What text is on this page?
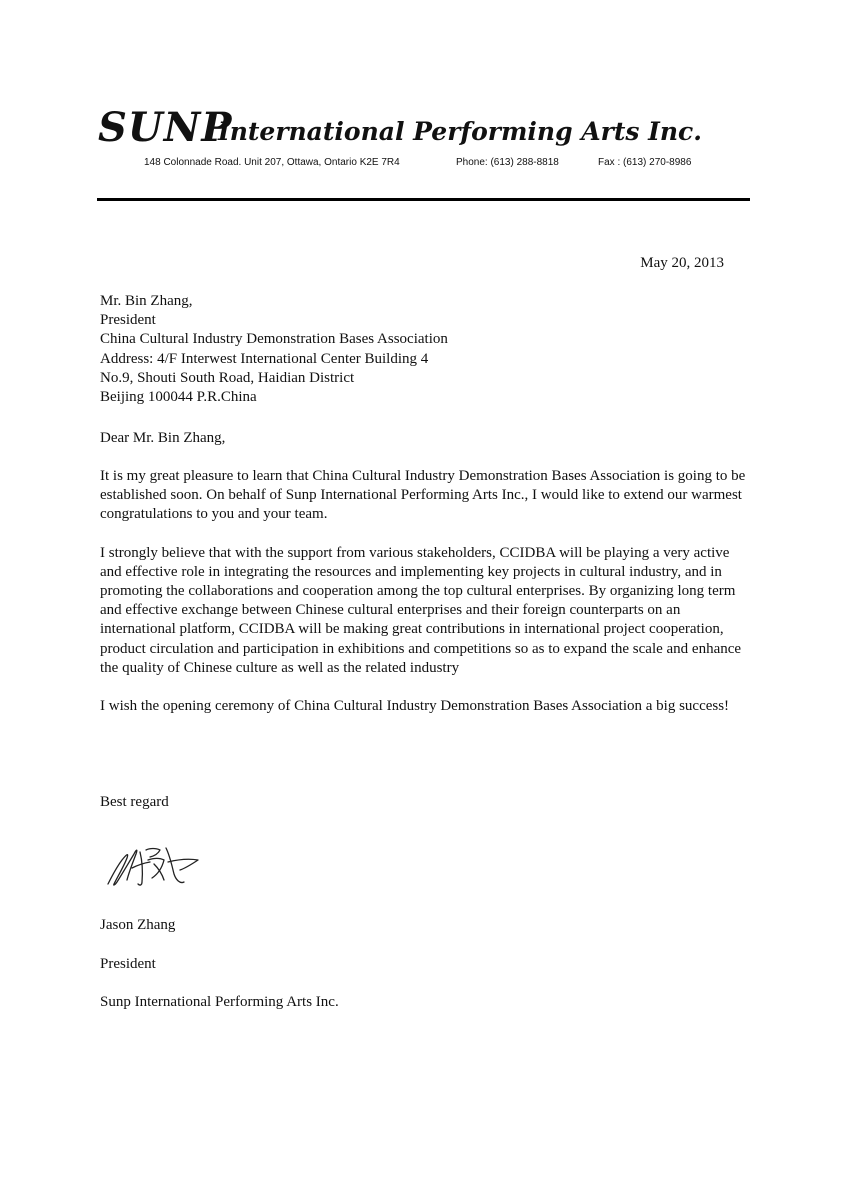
SUNP
International Performing Arts Inc.
148 Colonnade Road. Unit 207, Ottawa, Ontario K2E 7R4	Phone: (613) 288-8818	Fax : (613) 270-8986
May 20, 2013
Mr. Bin Zhang,
President
China Cultural Industry Demonstration Bases Association
Address: 4/F Interwest International Center Building 4
No.9, Shouti South Road, Haidian District
Beijing 100044 P.R.China
Dear Mr. Bin Zhang,

It is my great pleasure to learn that China Cultural Industry Demonstration Bases Association is going to be established soon. On behalf of Sunp International Performing Arts Inc., I would like to extend our warmest congratulations to you and your team.

I strongly believe that with the support from various stakeholders, CCIDBA will be playing a very active and effective role in integrating the resources and implementing key projects in cultural industry, and in promoting the collaborations and cooperation among the top cultural enterprises. By organizing long term and effective exchange between Chinese cultural enterprises and their foreign counterparts on an international platform, CCIDBA will be making great contributions in international project cooperation, product circulation and participation in exhibitions and competitions so as to expand the scale and enhance the quality of Chinese culture as well as the related industry

I wish the opening ceremony of China Cultural Industry Demonstration Bases Association a big success!

Best regard
Jason Zhang
President
Sunp International Performing Arts Inc.
